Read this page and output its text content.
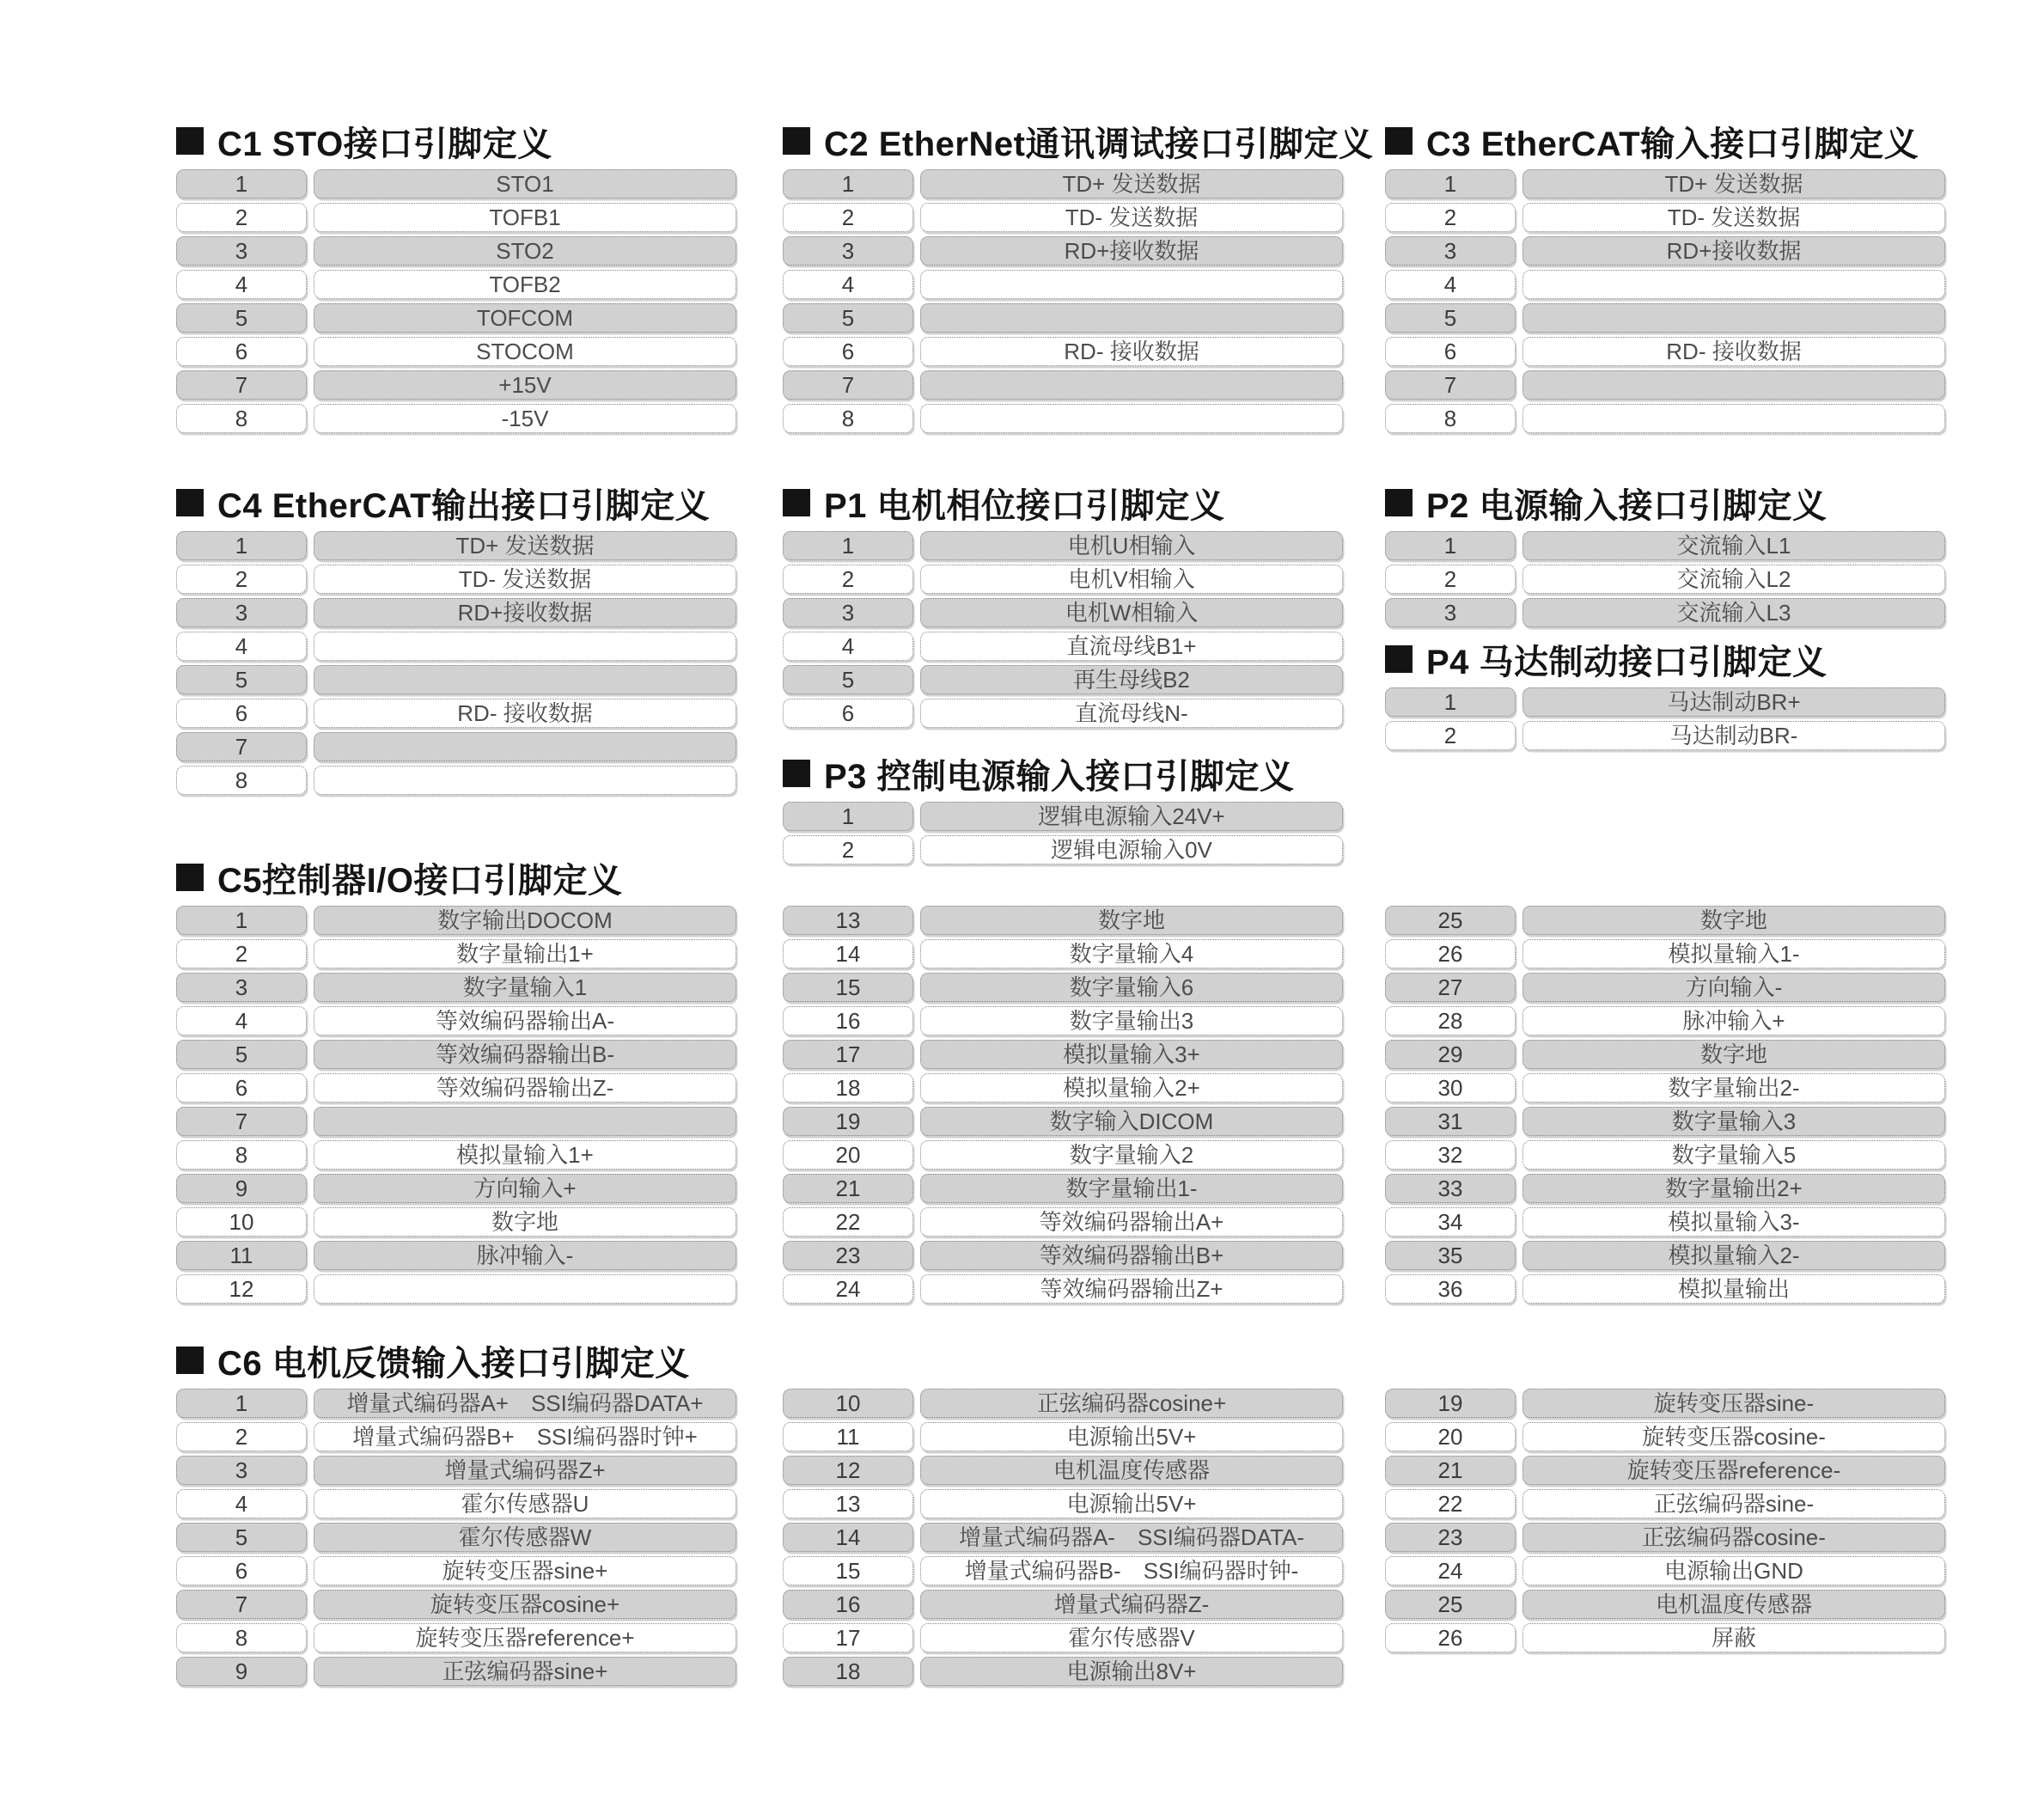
C1 STO接口引脚定义
1	STO1
2	TOFB1
3	STO2
4	TOFB2
5	TOFCOM
6	STOCOM
7	+15V
8	-15V
C2 EtherNet通讯调试接口引脚定义
1	TD+ 发送数据
2	TD- 发送数据
3	RD+接收数据
4
5
6	RD- 接收数据
7
8
C3 EtherCAT输入接口引脚定义
1	TD+ 发送数据
2	TD- 发送数据
3	RD+接收数据
4
5
6	RD- 接收数据
7
8
C4 EtherCAT输出接口引脚定义
1	TD+ 发送数据
2	TD- 发送数据
3	RD+接收数据
4
5
6	RD- 接收数据
7
8
P1 电机相位接口引脚定义
1	电机U相输入
2	电机V相输入
3	电机W相输入
4	直流母线B1+
5	再生母线B2
6	直流母线N-
P2 电源输入接口引脚定义
1	交流输入L1
2	交流输入L2
3	交流输入L3
P4 马达制动接口引脚定义
1	马达制动BR+
2	马达制动BR-
P3 控制电源输入接口引脚定义
1	逻辑电源输入24V+
2	逻辑电源输入0V
C5控制器I/O接口引脚定义
1	数字输出DOCOM
2	数字量输出1+
3	数字量输入1
4	等效编码器输出A-
5	等效编码器输出B-
6	等效编码器输出Z-
7
8	模拟量输入1+
9	方向输入+
10	数字地
11	脉冲输入-
12
13	数字地
14	数字量输入4
15	数字量输入6
16	数字量输出3
17	模拟量输入3+
18	模拟量输入2+
19	数字输入DICOM
20	数字量输入2
21	数字量输出1-
22	等效编码器输出A+
23	等效编码器输出B+
24	等效编码器输出Z+
25	数字地
26	模拟量输入1-
27	方向输入-
28	脉冲输入+
29	数字地
30	数字量输出2-
31	数字量输入3
32	数字量输入5
33	数字量输出2+
34	模拟量输入3-
35	模拟量输入2-
36	模拟量输出
C6 电机反馈输入接口引脚定义
1	增量式编码器A+　SSI编码器DATA+
2	增量式编码器B+　SSI编码器时钟+
3	增量式编码器Z+
4	霍尔传感器U
5	霍尔传感器W
6	旋转变压器sine+
7	旋转变压器cosine+
8	旋转变压器reference+
9	正弦编码器sine+
10	正弦编码器cosine+
11	电源输出5V+
12	电机温度传感器
13	电源输出5V+
14	增量式编码器A-　SSI编码器DATA-
15	增量式编码器B-　SSI编码器时钟-
16	增量式编码器Z-
17	霍尔传感器V
18	电源输出8V+
19	旋转变压器sine-
20	旋转变压器cosine-
21	旋转变压器reference-
22	正弦编码器sine-
23	正弦编码器cosine-
24	电源输出GND
25	电机温度传感器
26	屏蔽
